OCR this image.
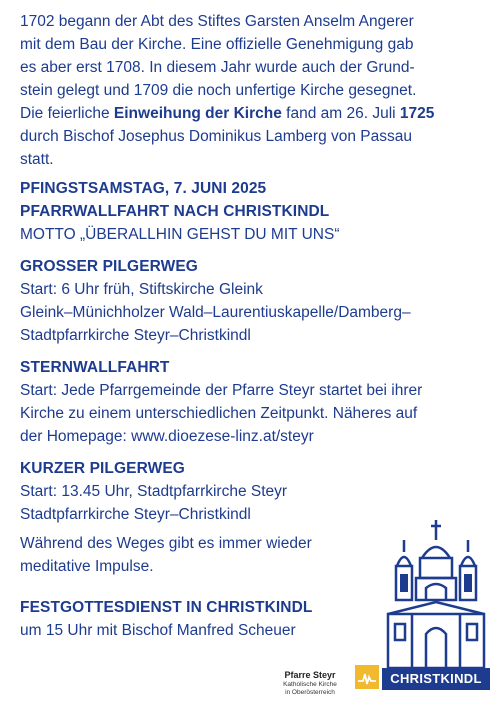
1702 begann der Abt des Stiftes Garsten Anselm Angerer
mit dem Bau der Kirche. Eine offizielle Genehmigung gab
es aber erst 1708. In diesem Jahr wurde auch der Grund-
stein gelegt und 1709 die noch unfertige Kirche gesegnet.
Die feierliche Einweihung der Kirche fand am 26. Juli 1725
durch Bischof Josephus Dominikus Lamberg von Passau
statt.

PFINGSTSAMSTAG, 7. JUNI 2025
PFARRWALLFAHRT NACH CHRISTKINDL
MOTTO „ÜBERALLHIN GEHST DU MIT UNS“
GROSSER PILGERWEG
Start: 6 Uhr früh, Stiftskirche Gleink
Gleink–Münichholzer Wald–Laurentiuskapelle/Damberg–
Stadtpfarrkirche Steyr–Christkindl
STERNWALLFAHRT
Start: Jede Pfarrgemeinde der Pfarre Steyr startet bei ihrer
Kirche zu einem unterschiedlichen Zeitpunkt. Näheres auf
der Homepage: www.dioezese-linz.at/steyr
KURZER PILGERWEG
Start: 13.45 Uhr, Stadtpfarrkirche Steyr
Stadtpfarrkirche Steyr–Christkindl
Während des Weges gibt es immer wieder
meditative Impulse.
FESTGOTTESDIENST IN CHRISTKINDL
um 15 Uhr mit Bischof Manfred Scheuer
CHRISTKINDL
Pfarre Steyr
Katholische Kirche
in Oberösterreich
